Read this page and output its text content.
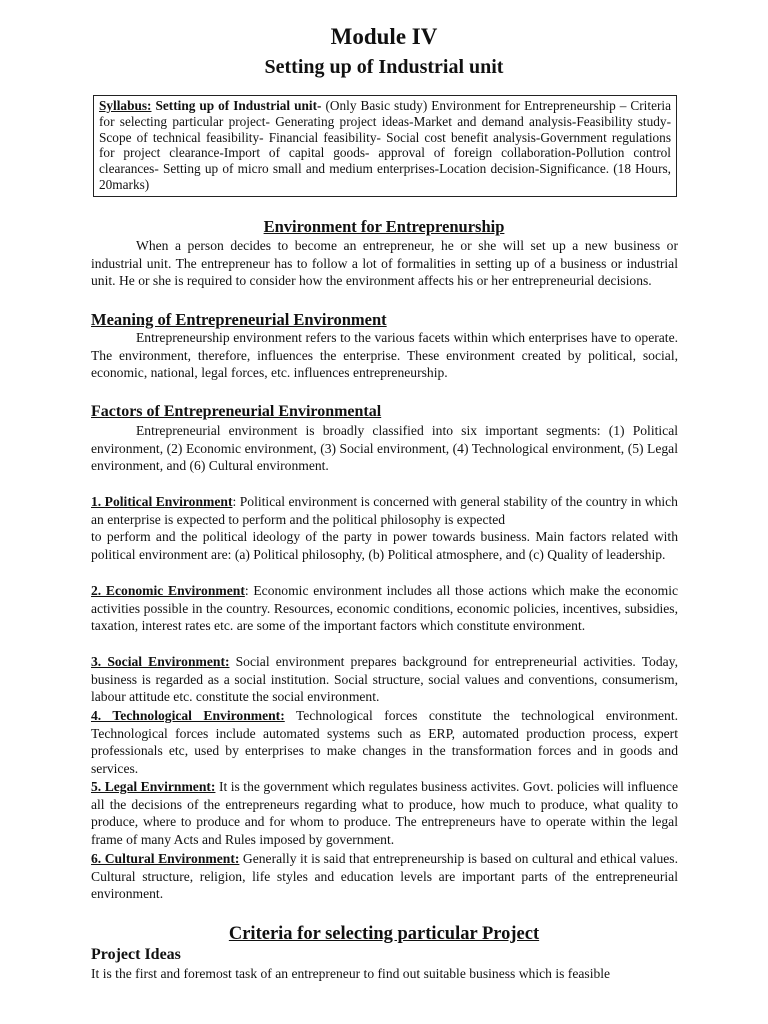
Module IV
Setting up of Industrial unit
Syllabus: Setting up of Industrial unit- (Only Basic study) Environment for Entrepreneurship – Criteria for selecting particular project- Generating project ideas-Market and demand analysis-Feasibility study- Scope of technical feasibility- Financial feasibility- Social cost benefit analysis-Government regulations for project clearance-Import of capital goods- approval of foreign collaboration-Pollution control clearances- Setting up of micro small and medium enterprises-Location decision-Significance. (18 Hours, 20marks)
Environment for Entreprenurship

When a person decides to become an entrepreneur, he or she will set up a new business or industrial unit. The entrepreneur has to follow a lot of formalities in setting up of a business or industrial unit. He or she is required to consider how the environment affects his or her entrepreneurial decisions.

Meaning of Entrepreneurial Environment

Entrepreneurship environment refers to the various facets within which enterprises have to operate. The environment, therefore, influences the enterprise. These environment created by political, social, economic, national, legal forces, etc. influences entrepreneurship.

Factors of Entrepreneurial Environmental

Entrepreneurial environment is broadly classified into six important segments: (1) Political environment, (2) Economic environment, (3) Social environment, (4) Technological environment, (5) Legal environment, and (6) Cultural environment.

1. Political Environment: Political environment is concerned with general stability of the country in which an enterprise is expected to perform and the political philosophy is expected
to perform and the political ideology of the party in power towards business. Main factors related with political environment are: (a) Political philosophy, (b) Political atmosphere, and (c) Quality of leadership.

2. Economic Environment: Economic environment includes all those actions which make the economic activities possible in the country. Resources, economic conditions, economic policies, incentives, subsidies, taxation, interest rates etc. are some of the important factors which constitute environment.

3. Social Environment: Social environment prepares background for entrepreneurial activities. Today, business is regarded as a social institution. Social structure, social values and conventions, consumerism, labour attitude etc. constitute the social environment.

4. Technological Environment: Technological forces constitute the technological environment. Technological forces include automated systems such as ERP, automated production process, expert professionals etc, used by enterprises to make changes in the transformation forces and in goods and services.

5. Legal Envirnment: It is the government which regulates business activites. Govt. policies will influence all the decisions of the entrepreneurs regarding what to produce, how much to produce, what quality to produce, where to produce and for whom to produce. The entrepreneurs have to operate within the legal frame of many Acts and Rules imposed by government.

6. Cultural Environment: Generally it is said that entrepreneurship is based on cultural and ethical values. Cultural structure, religion, life styles and education levels are important parts of the entrepreneurial environment.

Criteria for selecting particular Project
Project Ideas

It is the first and foremost task of an entrepreneur to find out suitable business which is feasible
